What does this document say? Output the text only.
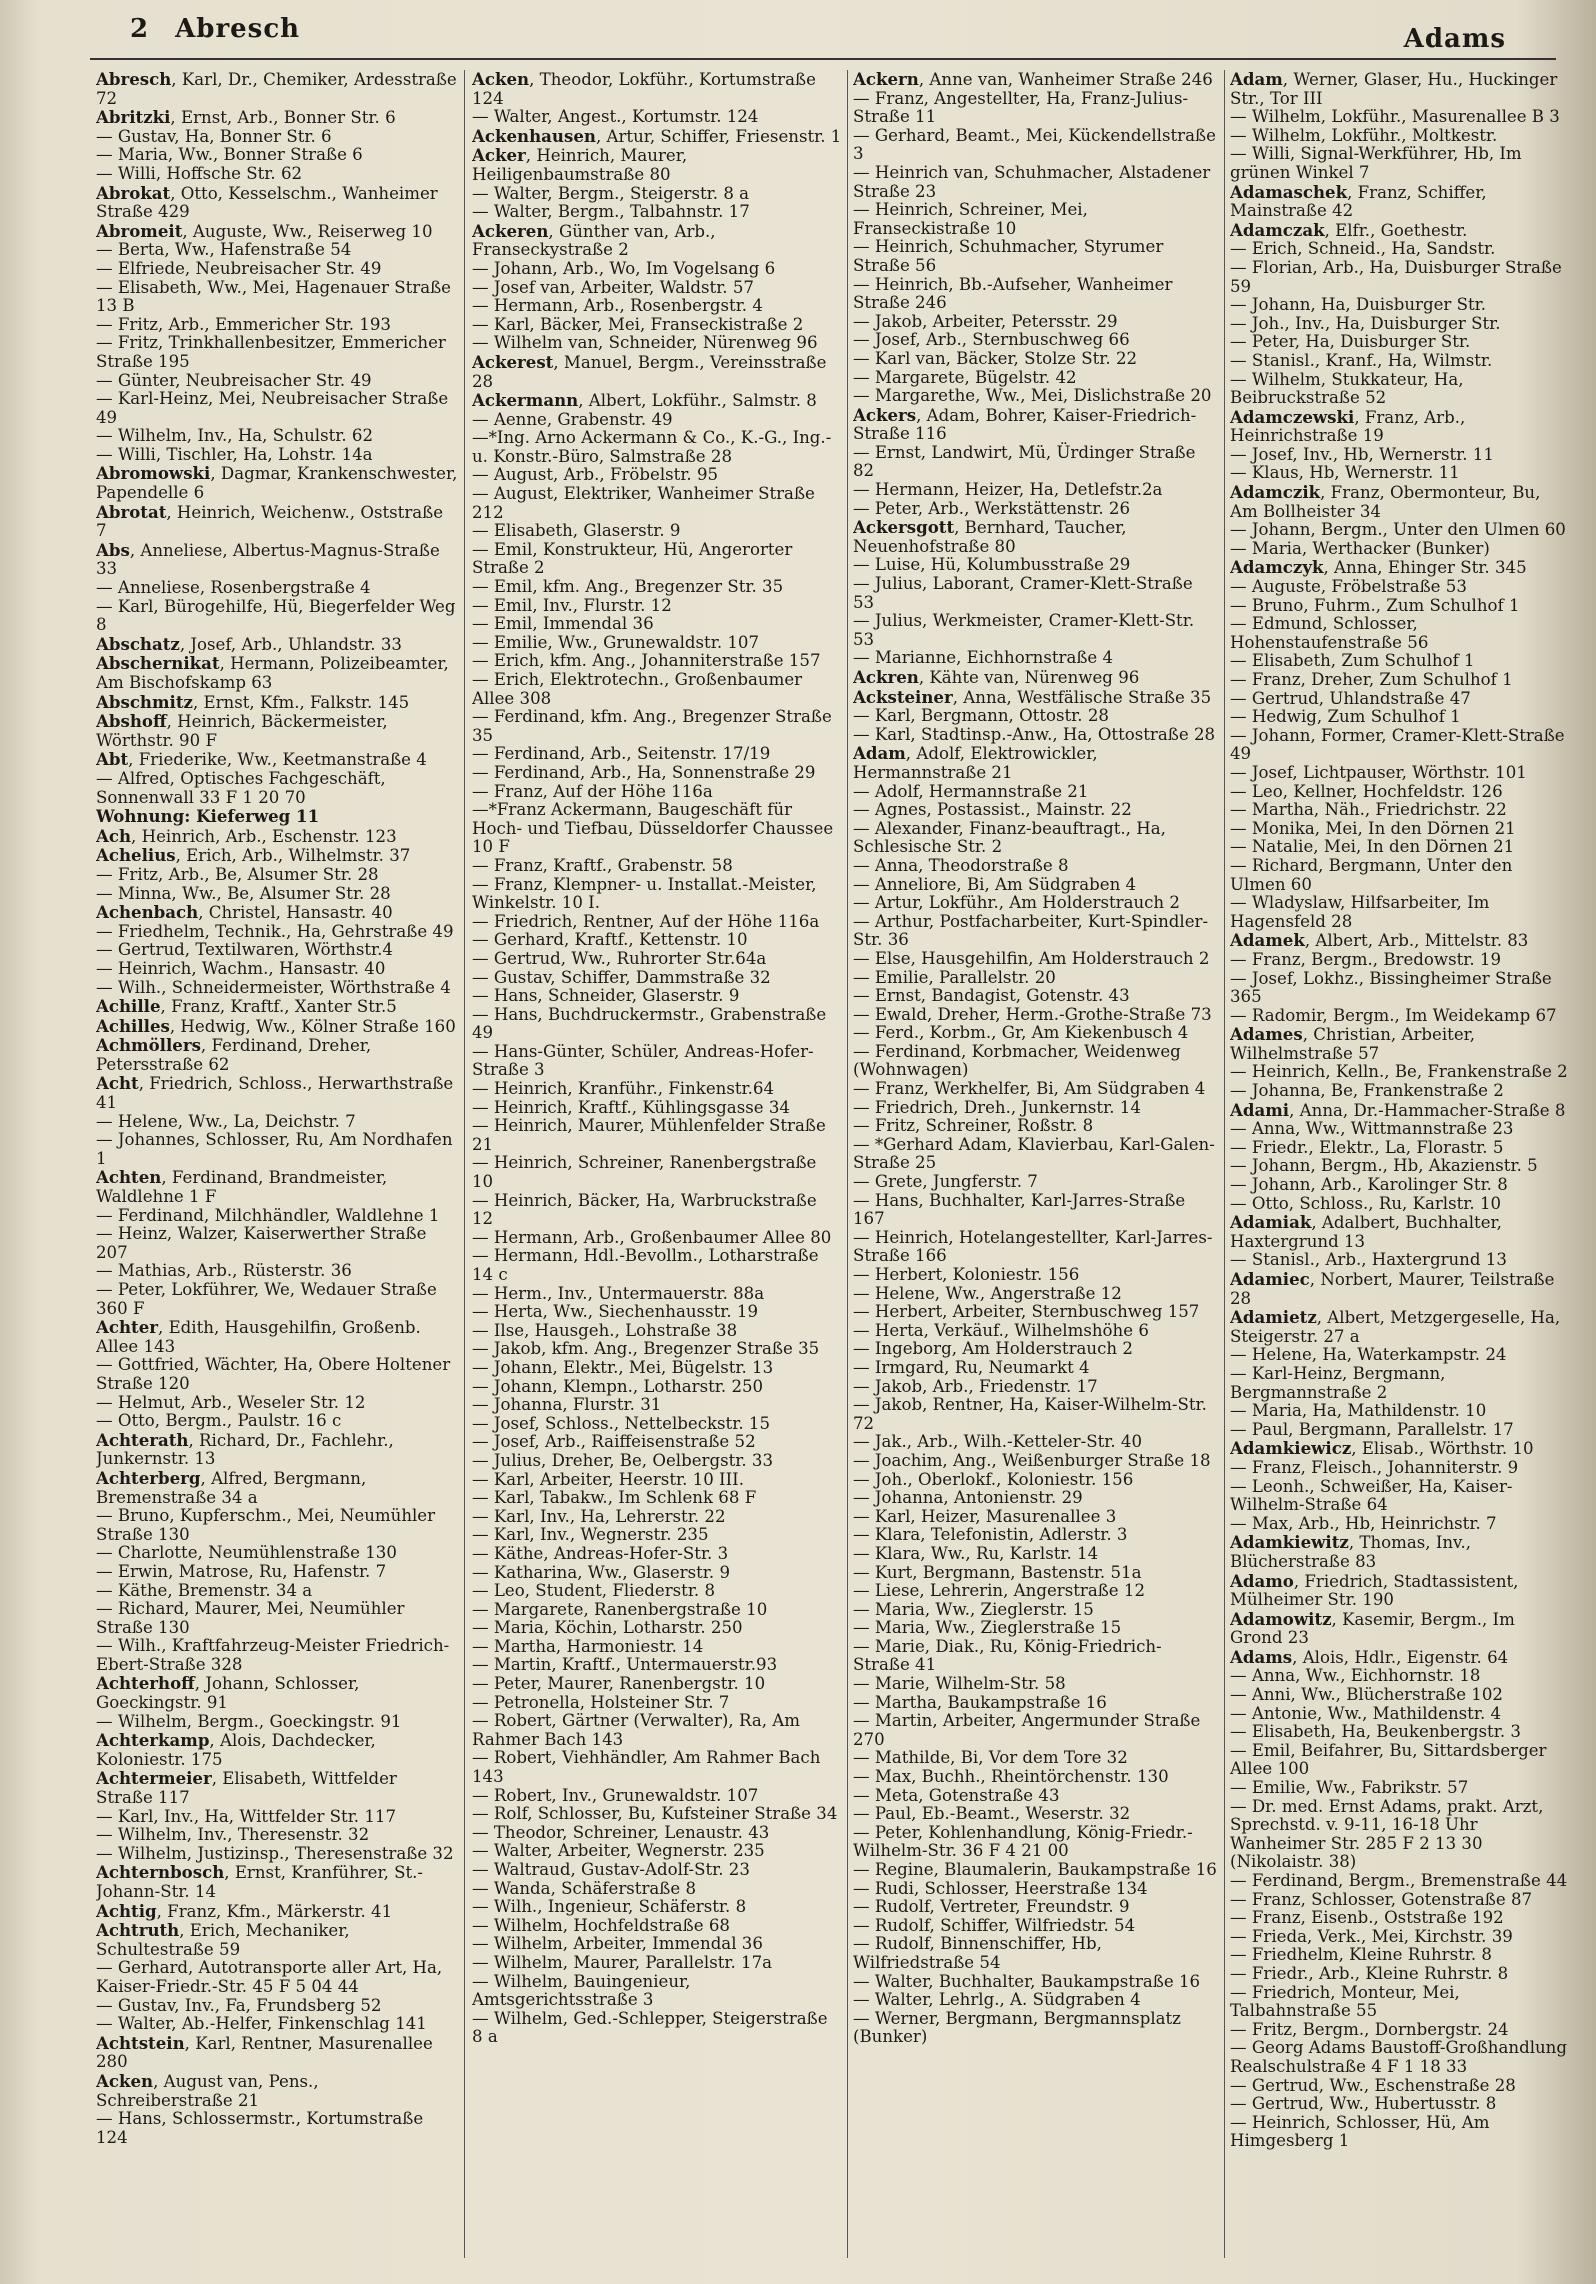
2 Abresch	Adams
Abresch, Karl, Dr., Chemiker, Ardesstraße 72
Abritzki, Ernst, Arb., Bonner Str. 6
— Gustav, Ha, Bonner Str. 6
— Maria, Ww., Bonner Straße 6
— Willi, Hoffsche Str. 62
Abrokat, Otto, Kesselschm., Wanheimer Straße 429
Abromeit, Auguste, Ww., Reiserweg 10
— Berta, Ww., Hafenstraße 54
— Elfriede, Neubreisacher Str. 49
— Elisabeth, Ww., Mei, Hagenauer Straße 13 B
— Fritz, Arb., Emmericher Str. 193
— Fritz, Trinkhallenbesitzer, Emmericher Straße 195
— Günter, Neubreisacher Str. 49
— Karl-Heinz, Mei, Neubreisacher Straße 49
— Wilhelm, Inv., Ha, Schulstr. 62
— Willi, Tischler, Ha, Lohstr. 14a
Abromowski, Dagmar, Krankenschwester, Papendelle 6
Abrotat, Heinrich, Weichenw., Oststraße 7
Abs, Anneliese, Albertus-Magnus-Straße 33
— Anneliese, Rosenbergstraße 4
— Karl, Bürogehilfe, Hü, Biegerfelder Weg 8
Abschatz, Josef, Arb., Uhlandstr. 33
Abschernikat, Hermann, Polizeibeamter, Am Bischofskamp 63
Abschmitz, Ernst, Kfm., Falkstr. 145
Abshoff, Heinrich, Bäckermeister, Wörthstr. 90 F
Abt, Friederike, Ww., Keetmanstraße 4
— Alfred, Optisches Fachgeschäft, Sonnenwall 33 F 1 20 70
Wohnung: Kieferweg 11
Ach, Heinrich, Arb., Eschenstr. 123
Achelius, Erich, Arb., Wilhelmstr. 37
— Fritz, Arb., Be, Alsumer Str. 28
— Minna, Ww., Be, Alsumer Str. 28
Achenbach, Christel, Hansastr. 40
— Friedhelm, Technik., Ha, Gehrstraße 49
— Gertrud, Textilwaren, Wörthstr.4
— Heinrich, Wachm., Hansastr. 40
— Wilh., Schneidermeister, Wörthstraße 4
Achille, Franz, Kraftf., Xanter Str.5
Achilles, Hedwig, Ww., Kölner Straße 160
Achmöllers, Ferdinand, Dreher, Petersstraße 62
Acht, Friedrich, Schloss., Herwarthstraße 41
— Helene, Ww., La, Deichstr. 7
— Johannes, Schlosser, Ru, Am Nordhafen 1
Achten, Ferdinand, Brandmeister, Waldlehne 1 F
— Ferdinand, Milchhändler, Waldlehne 1
— Heinz, Walzer, Kaiserwerther Straße 207
— Mathias, Arb., Rüsterstr. 36
— Peter, Lokführer, We, Wedauer Straße 360 F
Achter, Edith, Hausgehilfin, Großenb. Allee 143
— Gottfried, Wächter, Ha, Obere Holtener Straße 120
— Helmut, Arb., Weseler Str. 12
— Otto, Bergm., Paulstr. 16 c
Achterath, Richard, Dr., Fachlehr., Junkernstr. 13
Achterberg, Alfred, Bergmann, Bremenstraße 34 a
— Bruno, Kupferschm., Mei, Neumühler Straße 130
— Charlotte, Neumühlenstraße 130
— Erwin, Matrose, Ru, Hafenstr. 7
— Käthe, Bremenstr. 34 a
— Richard, Maurer, Mei, Neumühler Straße 130
— Wilh., Kraftfahrzeug-Meister Friedrich-Ebert-Straße 328
Achterhoff, Johann, Schlosser, Goeckingstr. 91
— Wilhelm, Bergm., Goeckingstr. 91
Achterkamp, Alois, Dachdecker, Koloniestr. 175
Achtermeier, Elisabeth, Wittfelder Straße 117
— Karl, Inv., Ha, Wittfelder Str. 117
— Wilhelm, Inv., Theresenstr. 32
— Wilhelm, Justizinsp., Theresenstraße 32
Achternbosch, Ernst, Kranführer, St.-Johann-Str. 14
Achtig, Franz, Kfm., Märkerstr. 41
Achtruth, Erich, Mechaniker, Schultestraße 59
— Gerhard, Autotransporte aller Art, Ha, Kaiser-Friedr.-Str. 45 F 5 04 44
— Gustav, Inv., Fa, Frundsberg 52
— Walter, Ab.-Helfer, Finkenschlag 141
Achtstein, Karl, Rentner, Masurenallee 280
Acken, August van, Pens., Schreiberstraße 21
— Hans, Schlossermstr., Kortumstraße 124
Acken, Theodor, Lokführ., Kortumstraße 124
— Walter, Angest., Kortumstr. 124
Ackenhausen, Artur, Schiffer, Friesenstr. 1
Acker, Heinrich, Maurer, Heiligenbaumstraße 80
— Walter, Bergm., Steigerstr. 8 a
— Walter, Bergm., Talbahnstr. 17
Ackeren, Günther van, Arb., Franseckystraße 2
— Johann, Arb., Wo, Im Vogelsang 6
— Josef van, Arbeiter, Waldstr. 57
— Hermann, Arb., Rosenbergstr. 4
— Karl, Bäcker, Mei, Franseckistraße 2
— Wilhelm van, Schneider, Nürenweg 96
Ackerest, Manuel, Bergm., Vereinsstraße 28
Ackermann, Albert, Lokführ., Salmstr. 8
— Aenne, Grabenstr. 49
—*Ing. Arno Ackermann & Co., K.-G., Ing.- u. Konstr.-Büro, Salmstraße 28
— August, Arb., Fröbelstr. 95
— August, Elektriker, Wanheimer Straße 212
— Elisabeth, Glaserstr. 9
— Emil, Konstrukteur, Hü, Angerorter Straße 2
— Emil, kfm. Ang., Bregenzer Str. 35
— Emil, Inv., Flurstr. 12
— Emil, Immendal 36
— Emilie, Ww., Grunewaldstr. 107
— Erich, kfm. Ang., Johanniterstraße 157
— Erich, Elektrotechn., Großenbaumer Allee 308
— Ferdinand, kfm. Ang., Bregenzer Straße 35
— Ferdinand, Arb., Seitenstr. 17/19
— Ferdinand, Arb., Ha, Sonnenstraße 29
— Franz, Auf der Höhe 116a
—*Franz Ackermann, Baugeschäft für Hoch- und Tiefbau, Düsseldorfer Chaussee 10 F
— Franz, Kraftf., Grabenstr. 58
— Franz, Klempner- u. Installat.-Meister, Winkelstr. 10 I.
— Friedrich, Rentner, Auf der Höhe 116a
— Gerhard, Kraftf., Kettenstr. 10
— Gertrud, Ww., Ruhrorter Str.64a
— Gustav, Schiffer, Dammstraße 32
— Hans, Schneider, Glaserstr. 9
— Hans, Buchdruckermstr., Grabenstraße 49
— Hans-Günter, Schüler, Andreas-Hofer-Straße 3
— Heinrich, Kranführ., Finkenstr.64
— Heinrich, Kraftf., Kühlingsgasse 34
— Heinrich, Maurer, Mühlenfelder Straße 21
— Heinrich, Schreiner, Ranenbergstraße 10
— Heinrich, Bäcker, Ha, Warbruckstraße 12
— Hermann, Arb., Großenbaumer Allee 80
— Hermann, Hdl.-Bevollm., Lotharstraße 14 c
— Herm., Inv., Untermauerstr. 88a
— Herta, Ww., Siechenhausstr. 19
— Ilse, Hausgeh., Lohstraße 38
— Jakob, kfm. Ang., Bregenzer Straße 35
— Johann, Elektr., Mei, Bügelstr. 13
— Johann, Klempn., Lotharstr. 250
— Johanna, Flurstr. 31
— Josef, Schloss., Nettelbeckstr. 15
— Josef, Arb., Raiffeisenstraße 52
— Julius, Dreher, Be, Oelbergstr. 33
— Karl, Arbeiter, Heerstr. 10 III.
— Karl, Tabakw., Im Schlenk 68 F
— Karl, Inv., Ha, Lehrerstr. 22
— Karl, Inv., Wegnerstr. 235
— Käthe, Andreas-Hofer-Str. 3
— Katharina, Ww., Glaserstr. 9
— Leo, Student, Fliederstr. 8
— Margarete, Ranenbergstraße 10
— Maria, Köchin, Lotharstr. 250
— Martha, Harmoniestr. 14
— Martin, Kraftf., Untermauerstr.93
— Peter, Maurer, Ranenbergstr. 10
— Petronella, Holsteiner Str. 7
— Robert, Gärtner (Verwalter), Ra, Am Rahmer Bach 143
— Robert, Viehhändler, Am Rahmer Bach 143
— Robert, Inv., Grunewaldstr. 107
— Rolf, Schlosser, Bu, Kufsteiner Straße 34
— Theodor, Schreiner, Lenaustr. 43
— Walter, Arbeiter, Wegnerstr. 235
— Waltraud, Gustav-Adolf-Str. 23
— Wanda, Schäferstraße 8
— Wilh., Ingenieur, Schäferstr. 8
— Wilhelm, Hochfeldstraße 68
— Wilhelm, Arbeiter, Immendal 36
— Wilhelm, Maurer, Parallelstr. 17a
— Wilhelm, Bauingenieur, Amtsgerichtsstraße 3
— Wilhelm, Ged.-Schlepper, Steigerstraße 8 a
Ackern, Anne van, Wanheimer Straße 246
— Franz, Angestellter, Ha, Franz-Julius-Straße 11
— Gerhard, Beamt., Mei, Kückendellstraße 3
— Heinrich van, Schuhmacher, Alstadener Straße 23
— Heinrich, Schreiner, Mei, Franseckistraße 10
— Heinrich, Schuhmacher, Styrumer Straße 56
— Heinrich, Bb.-Aufseher, Wanheimer Straße 246
— Jakob, Arbeiter, Petersstr. 29
— Josef, Arb., Sternbuschweg 66
— Karl van, Bäcker, Stolze Str. 22
— Margarete, Bügelstr. 42
— Margarethe, Ww., Mei, Dislichstraße 20
Ackers, Adam, Bohrer, Kaiser-Friedrich-Straße 116
— Ernst, Landwirt, Mü, Ürdinger Straße 82
— Hermann, Heizer, Ha, Detlefstr.2a
— Peter, Arb., Werkstättenstr. 26
Ackersgott, Bernhard, Taucher, Neuenhofstraße 80
— Luise, Hü, Kolumbusstraße 29
— Julius, Laborant, Cramer-Klett-Straße 53
— Julius, Werkmeister, Cramer-Klett-Str. 53
— Marianne, Eichhornstraße 4
Ackren, Kähte van, Nürenweg 96
Acksteiner, Anna, Westfälische Straße 35
— Karl, Bergmann, Ottostr. 28
— Karl, Stadtinsp.-Anw., Ha, Ottostraße 28
Adam, Adolf, Elektrowickler, Hermannstraße 21
— Adolf, Hermannstraße 21
— Agnes, Postassist., Mainstr. 22
— Alexander, Finanz-beauftragt., Ha, Schlesische Str. 2
— Anna, Theodorstraße 8
— Anneliore, Bi, Am Südgraben 4
— Artur, Lokführ., Am Holderstrauch 2
— Arthur, Postfacharbeiter, Kurt-Spindler-Str. 36
— Else, Hausgehilfin, Am Holderstrauch 2
— Emilie, Parallelstr. 20
— Ernst, Bandagist, Gotenstr. 43
— Ewald, Dreher, Herm.-Grothe-Straße 73
— Ferd., Korbm., Gr, Am Kiekenbusch 4
— Ferdinand, Korbmacher, Weidenweg (Wohnwagen)
— Franz, Werkhelfer, Bi, Am Südgraben 4
— Friedrich, Dreh., Junkernstr. 14
— Fritz, Schreiner, Roßstr. 8
— *Gerhard Adam, Klavierbau, Karl-Galen-Straße 25
— Grete, Jungferstr. 7
— Hans, Buchhalter, Karl-Jarres-Straße 167
— Heinrich, Hotelangestellter, Karl-Jarres-Straße 166
— Herbert, Koloniestr. 156
— Helene, Ww., Angerstraße 12
— Herbert, Arbeiter, Sternbuschweg 157
— Herta, Verkäuf., Wilhelmshöhe 6
— Ingeborg, Am Holderstrauch 2
— Irmgard, Ru, Neumarkt 4
— Jakob, Arb., Friedenstr. 17
— Jakob, Rentner, Ha, Kaiser-Wilhelm-Str. 72
— Jak., Arb., Wilh.-Ketteler-Str. 40
— Joachim, Ang., Weißenburger Straße 18
— Joh., Oberlokf., Koloniestr. 156
— Johanna, Antonienstr. 29
— Karl, Heizer, Masurenallee 3
— Klara, Telefonistin, Adlerstr. 3
— Klara, Ww., Ru, Karlstr. 14
— Kurt, Bergmann, Bastenstr. 51a
— Liese, Lehrerin, Angerstraße 12
— Maria, Ww., Zieglerstr. 15
— Maria, Ww., Zieglerstraße 15
— Marie, Diak., Ru, König-Friedrich-Straße 41
— Marie, Wilhelm-Str. 58
— Martha, Baukampstraße 16
— Martin, Arbeiter, Angermunder Straße 270
— Mathilde, Bi, Vor dem Tore 32
— Max, Buchh., Rheintörchenstr. 130
— Meta, Gotenstraße 43
— Paul, Eb.-Beamt., Weserstr. 32
— Peter, Kohlenhandlung, König-Friedr.-Wilhelm-Str. 36 F 4 21 00
— Regine, Blaumalerin, Baukampstraße 16
— Rudi, Schlosser, Heerstraße 134
— Rudolf, Vertreter, Freundstr. 9
— Rudolf, Schiffer, Wilfriedstr. 54
— Rudolf, Binnenschiffer, Hb, Wilfriedstraße 54
— Walter, Buchhalter, Baukampstraße 16
— Walter, Lehrlg., A. Südgraben 4
— Werner, Bergmann, Bergmannsplatz (Bunker)
Adam, Werner, Glaser, Hu., Huckinger Str., Tor III
— Wilhelm, Lokführ., Masurenallee B 3
— Wilhelm, Lokführ., Moltkestr.
— Willi, Signal-Werkführer, Hb, Im grünen Winkel 7
Adamaschek, Franz, Schiffer, Mainstraße 42
Adamczak, Elfr., Goethestr.
— Erich, Schneid., Ha, Sandstr.
— Florian, Arb., Ha, Duisburger Straße 59
— Johann, Ha, Duisburger Str.
— Joh., Inv., Ha, Duisburger Str.
— Peter, Ha, Duisburger Str.
— Stanisl., Kranf., Ha, Wilmstr.
— Wilhelm, Stukkateur, Ha, Beibruckstraße 52
Adamczewski, Franz, Arb., Heinrichstraße 19
— Josef, Inv., Hb, Wernerstr. 11
— Klaus, Hb, Wernerstr. 11
Adamczik, Franz, Obermonteur, Bu, Am Bollheister 34
— Johann, Bergm., Unter den Ulmen 60
— Maria, Werthacker (Bunker)
Adamczyk, Anna, Ehinger Str. 345
— Auguste, Fröbelstraße 53
— Bruno, Fuhrm., Zum Schulhof 1
— Edmund, Schlosser, Hohenstaufenstraße 56
— Elisabeth, Zum Schulhof 1
— Franz, Dreher, Zum Schulhof 1
— Gertrud, Uhlandstraße 47
— Hedwig, Zum Schulhof 1
— Johann, Former, Cramer-Klett-Straße 49
— Josef, Lichtpauser, Wörthstr. 101
— Leo, Kellner, Hochfeldstr. 126
— Martha, Näh., Friedrichstr. 22
— Monika, Mei, In den Dörnen 21
— Natalie, Mei, In den Dörnen 21
— Richard, Bergmann, Unter den Ulmen 60
— Wladyslaw, Hilfsarbeiter, Im Hagensfeld 28
Adamek, Albert, Arb., Mittelstr. 83
— Franz, Bergm., Bredowstr. 19
— Josef, Lokhz., Bissingheimer Straße 365
— Radomir, Bergm., Im Weidekamp 67
Adames, Christian, Arbeiter, Wilhelmstraße 57
— Heinrich, Kelln., Be, Frankenstraße 2
— Johanna, Be, Frankenstraße 2
Adami, Anna, Dr.-Hammacher-Straße 8
— Anna, Ww., Wittmannstraße 23
— Friedr., Elektr., La, Florastr. 5
— Johann, Bergm., Hb, Akazienstr. 5
— Johann, Arb., Karolinger Str. 8
— Otto, Schloss., Ru, Karlstr. 10
Adamiak, Adalbert, Buchhalter, Haxtergrund 13
— Stanisl., Arb., Haxtergrund 13
Adamiec, Norbert, Maurer, Teilstraße 28
Adamietz, Albert, Metzgergeselle, Ha, Steigerstr. 27 a
— Helene, Ha, Waterkampstr. 24
— Karl-Heinz, Bergmann, Bergmannstraße 2
— Maria, Ha, Mathildenstr. 10
— Paul, Bergmann, Parallelstr. 17
Adamkiewicz, Elisab., Wörthstr. 10
— Franz, Fleisch., Johanniterstr. 9
— Leonh., Schweißer, Ha, Kaiser-Wilhelm-Straße 64
— Max, Arb., Hb, Heinrichstr. 7
Adamkiewitz, Thomas, Inv., Blücherstraße 83
Adamo, Friedrich, Stadtassistent, Mülheimer Str. 190
Adamowitz, Kasemir, Bergm., Im Grond 23
Adams, Alois, Hdlr., Eigenstr. 64
— Anna, Ww., Eichhornstr. 18
— Anni, Ww., Blücherstraße 102
— Antonie, Ww., Mathildenstr. 4
— Elisabeth, Ha, Beukenbergstr. 3
— Emil, Beifahrer, Bu, Sittardsberger Allee 100
— Emilie, Ww., Fabrikstr. 57
— Dr. med. Ernst Adams, prakt. Arzt, Sprechstd. v. 9-11, 16-18 Uhr Wanheimer Str. 285 F 2 13 30 (Nikolaistr. 38)
— Ferdinand, Bergm., Bremenstraße 44
— Franz, Schlosser, Gotenstraße 87
— Franz, Eisenb., Oststraße 192
— Frieda, Verk., Mei, Kirchstr. 39
— Friedhelm, Kleine Ruhrstr. 8
— Friedr., Arb., Kleine Ruhrstr. 8
— Friedrich, Monteur, Mei, Talbahnstraße 55
— Fritz, Bergm., Dornbergstr. 24
— Georg Adams Baustoff-Großhandlung Realschulstraße 4 F 1 18 33
— Gertrud, Ww., Eschenstraße 28
— Gertrud, Ww., Hubertusstr. 8
— Heinrich, Schlosser, Hü, Am Himgesberg 1
